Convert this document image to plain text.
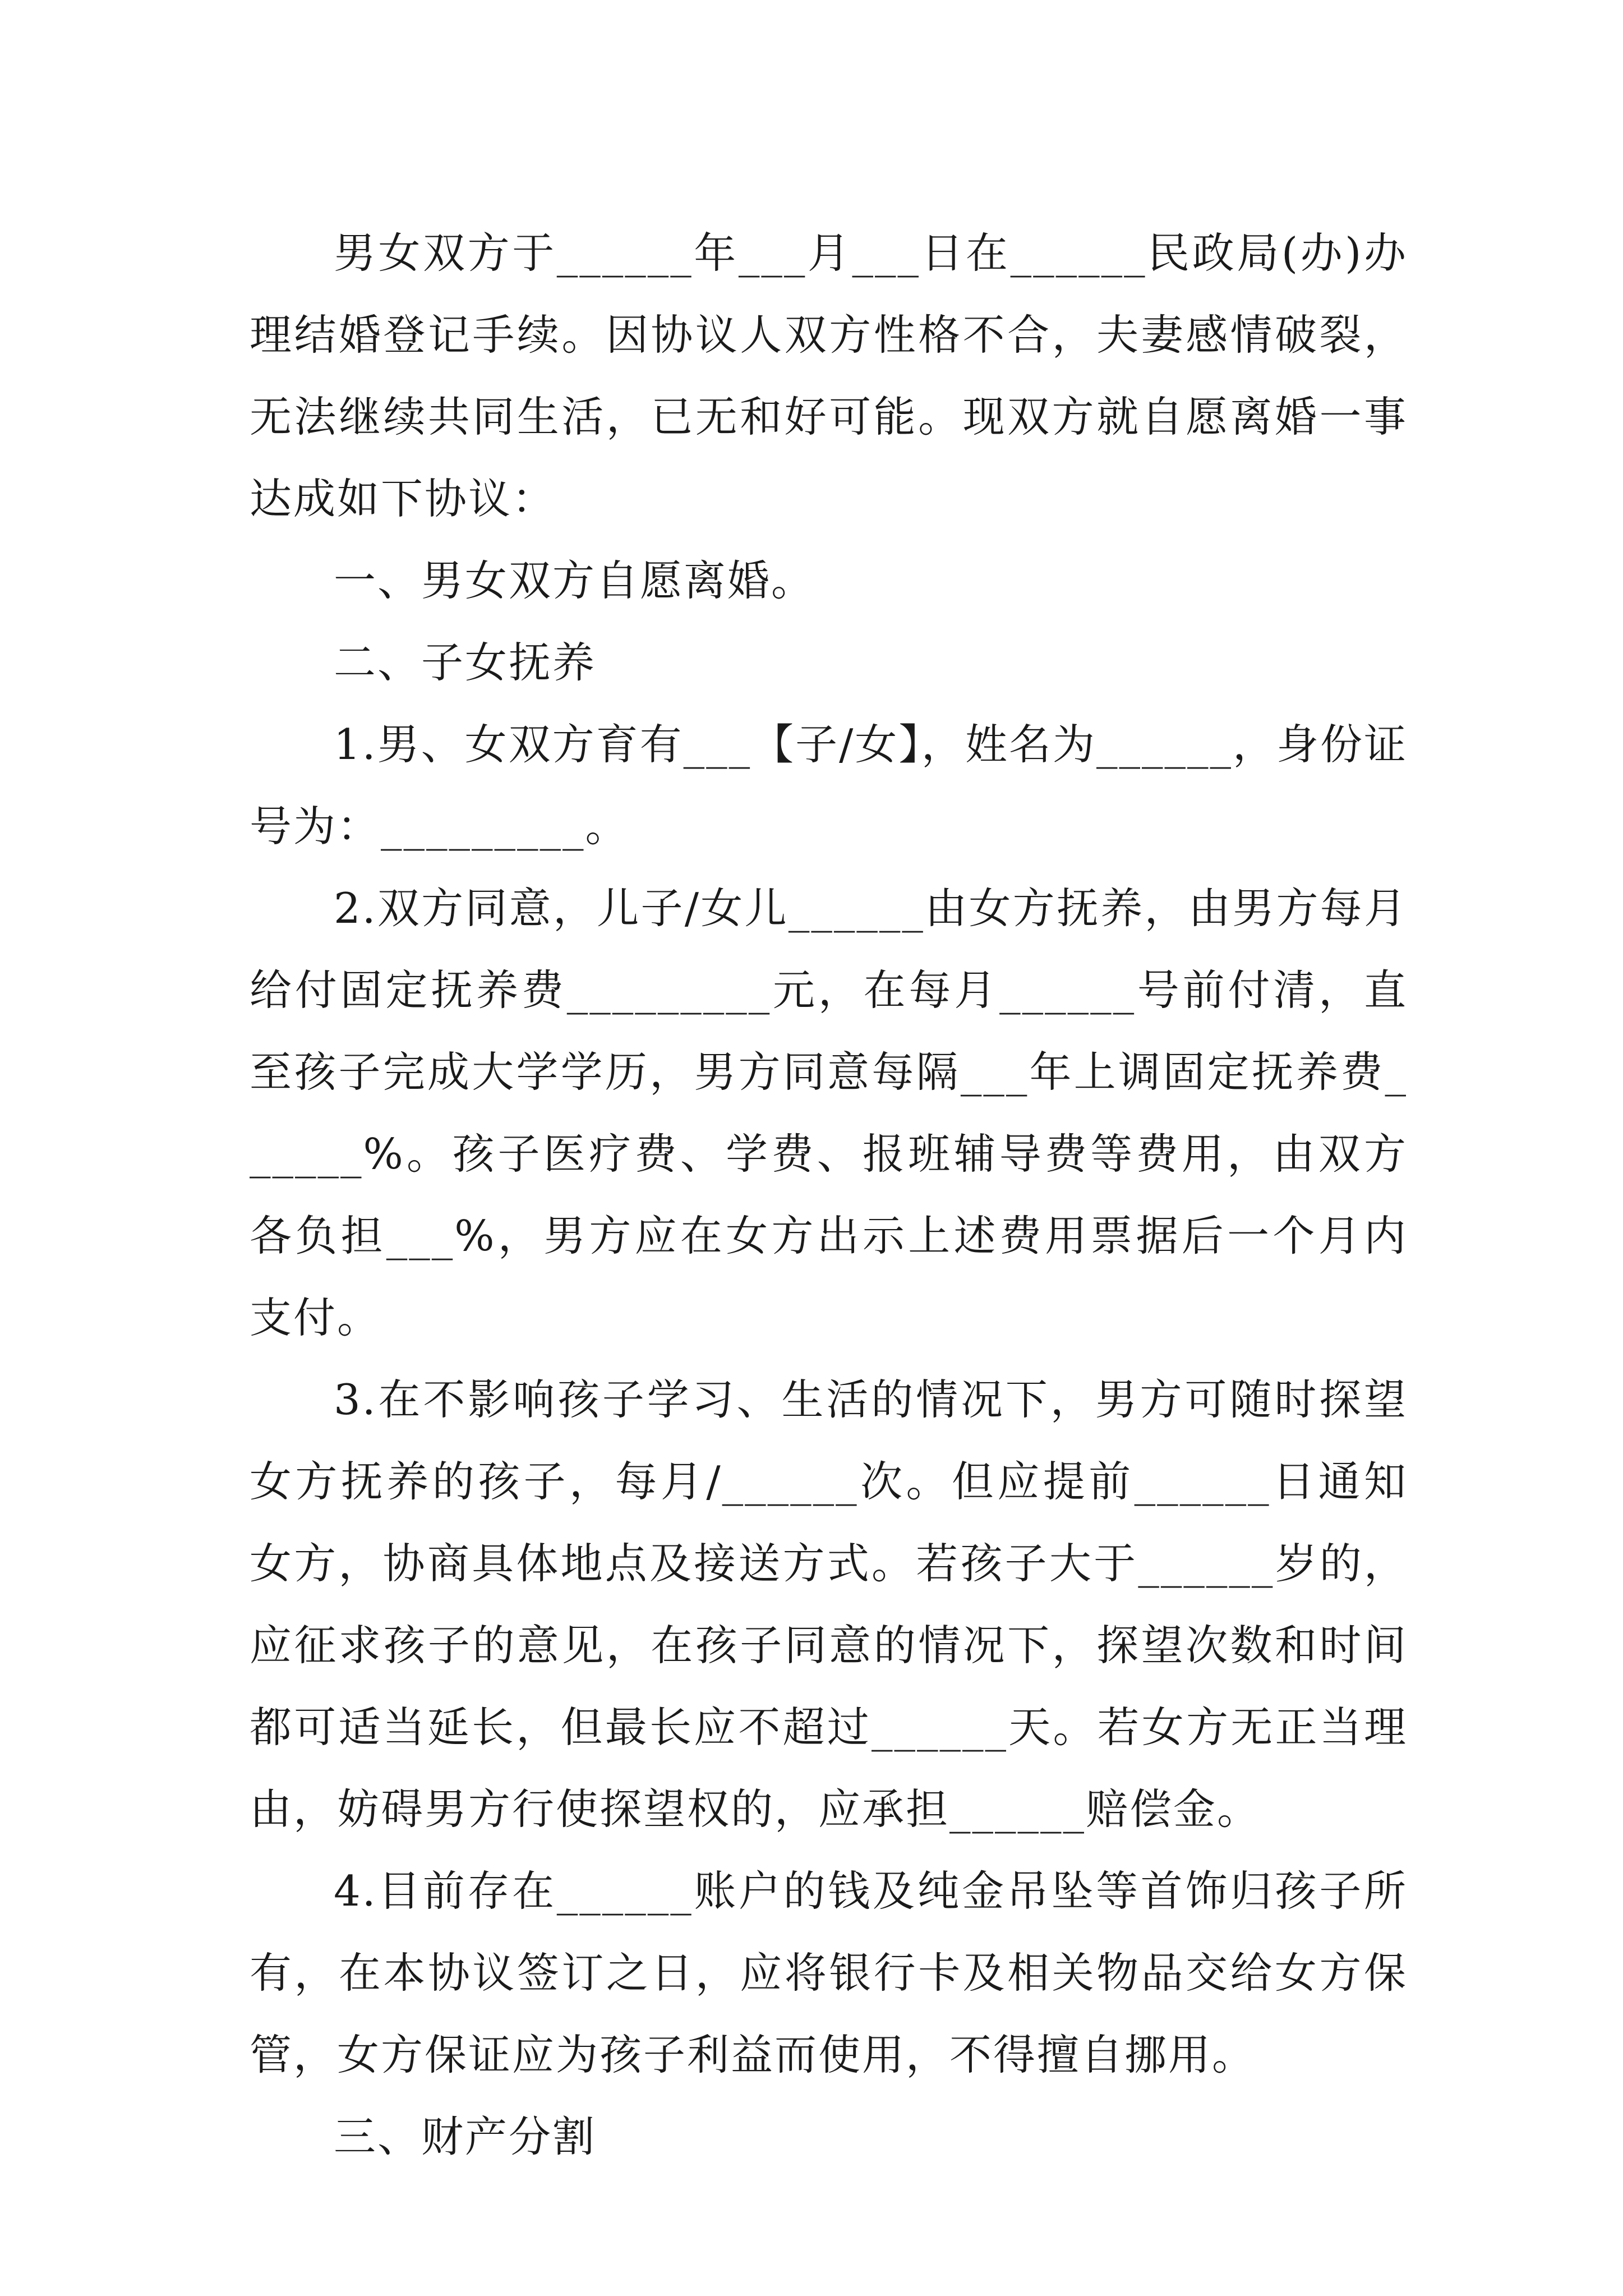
男女双方于______年___月___日在______民政局(办)办理结婚登记手续。因协议人双方性格不合，夫妻感情破裂，无法继续共同生活，已无和好可能。现双方就自愿离婚一事达成如下协议：

一、男女双方自愿离婚。

二、子女抚养

1.男、女双方育有___【子/女】，姓名为______，身份证号为：_________。

2.双方同意，儿子/女儿______由女方抚养，由男方每月给付固定抚养费_________元，在每月______号前付清，直至孩子完成大学学历，男方同意每隔___年上调固定抚养费______%。孩子医疗费、学费、报班辅导费等费用，由双方各负担___%，男方应在女方出示上述费用票据后一个月内支付。

3.在不影响孩子学习、生活的情况下，男方可随时探望女方抚养的孩子，每月/______次。但应提前______日通知女方，协商具体地点及接送方式。若孩子大于______岁的，应征求孩子的意见，在孩子同意的情况下，探望次数和时间都可适当延长，但最长应不超过______天。若女方无正当理由，妨碍男方行使探望权的，应承担______赔偿金。

4.目前存在______账户的钱及纯金吊坠等首饰归孩子所有，在本协议签订之日，应将银行卡及相关物品交给女方保管，女方保证应为孩子利益而使用，不得擅自挪用。

三、财产分割
